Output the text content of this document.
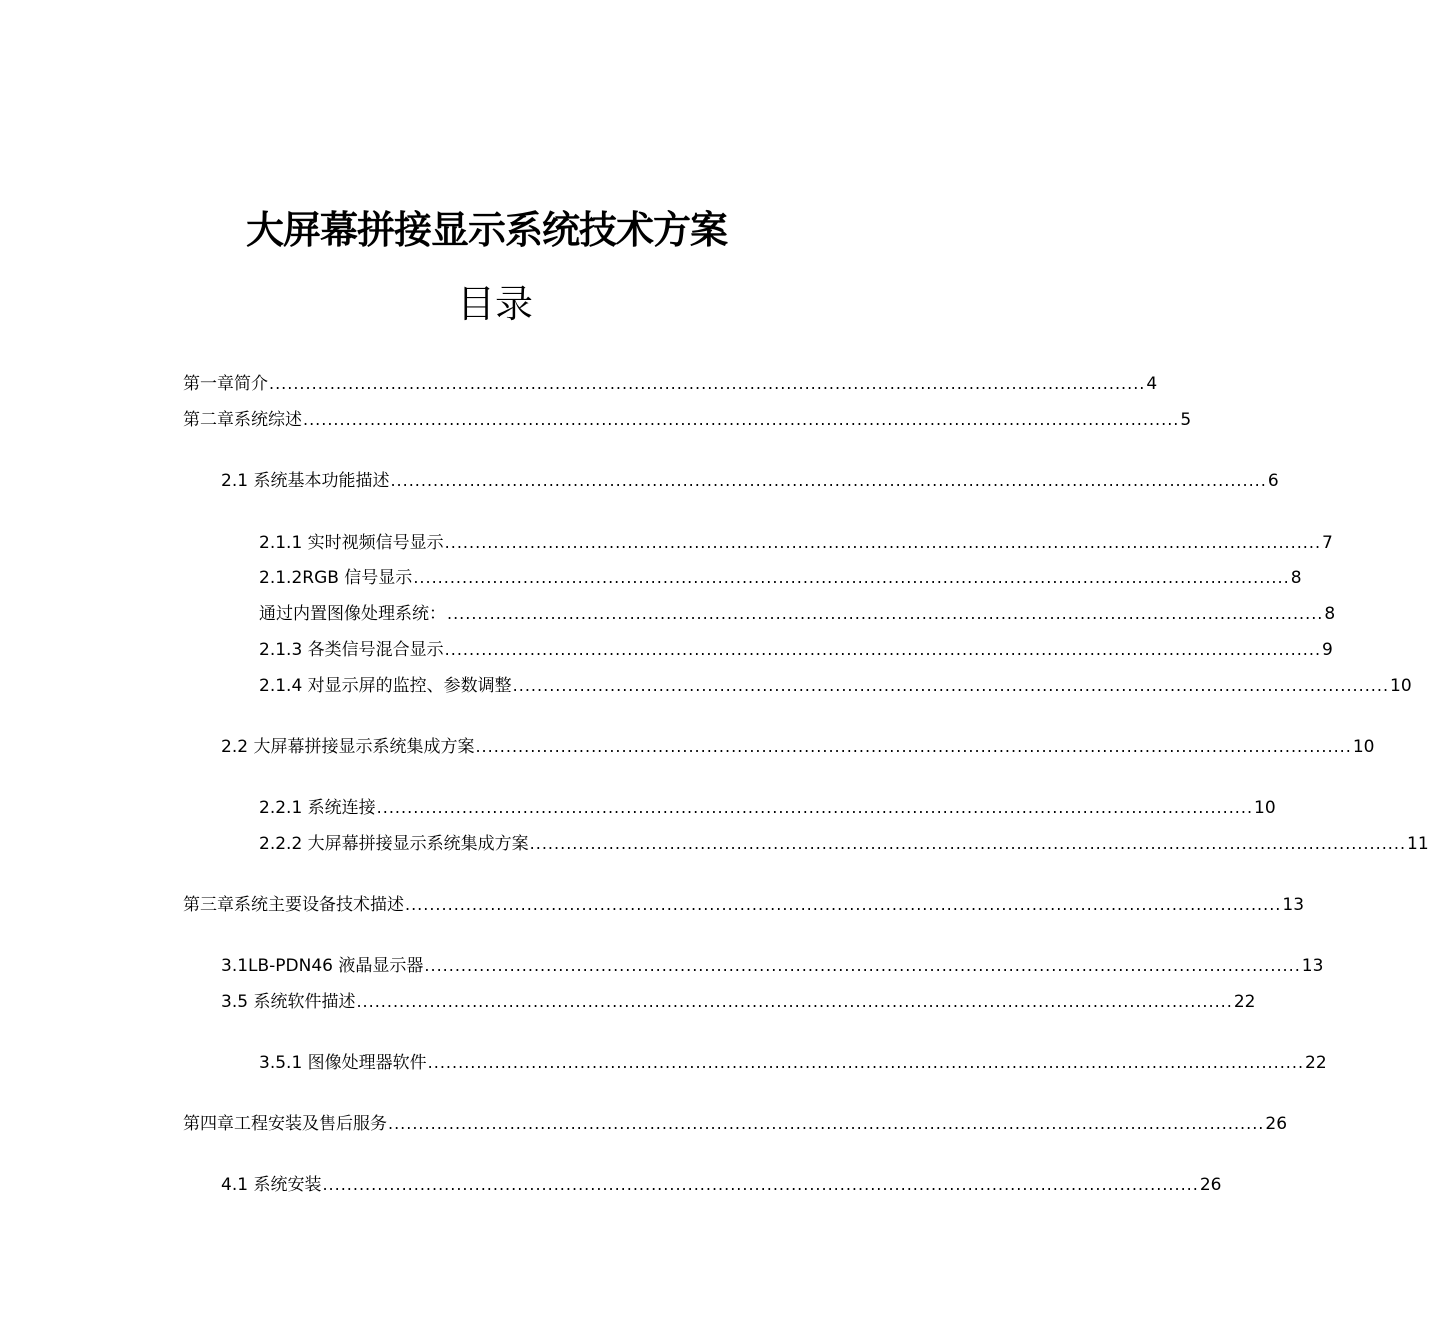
大屏幕拼接显示系统技术方案
目录
第一章简介 ................................................................................................................................................ 4
第二章系统综述 ................................................................................................................................................ 5
2.1 系统基本功能描述 ................................................................................................................................................ 6
2.1.1 实时视频信号显示 ................................................................................................................................................ 7
2.1.2RGB 信号显示 ................................................................................................................................................ 8
通过内置图像处理系统： ................................................................................................................................................ 8
2.1.3 各类信号混合显示 ................................................................................................................................................ 9
2.1.4 对显示屏的监控、参数调整 ................................................................................................................................................ 10
2.2 大屏幕拼接显示系统集成方案 ................................................................................................................................................ 10
2.2.1 系统连接 ................................................................................................................................................ 10
2.2.2 大屏幕拼接显示系统集成方案 ................................................................................................................................................ 11
第三章系统主要设备技术描述 ................................................................................................................................................ 13
3.1LB-PDN46 液晶显示器 ................................................................................................................................................ 13
3.5 系统软件描述 ................................................................................................................................................ 22
3.5.1 图像处理器软件 ................................................................................................................................................ 22
第四章工程安装及售后服务 ................................................................................................................................................ 26
4.1 系统安装 ................................................................................................................................................ 26
